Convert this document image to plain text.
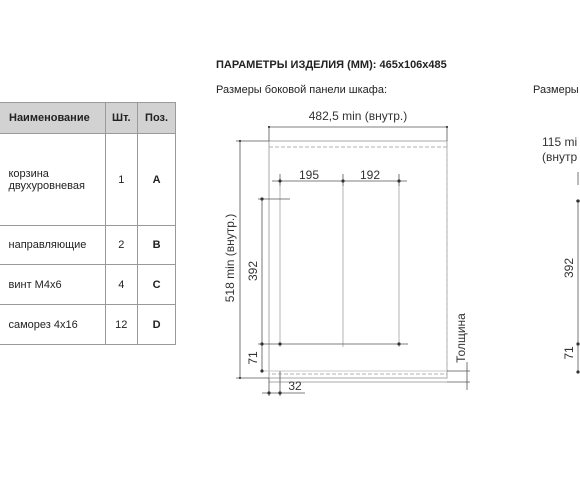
Наименование	Шт.	Поз.
корзина двухуровневая	1	A
направляющие	2	B
винт М4х6	4	C
саморез 4х16	12	D
ПАРАМЕТРЫ ИЗДЕЛИЯ (ММ): 465х106х485
Размеры боковой панели шкафа:	Размеры
482,5 min (внутр.)
518 min (внутр.)
195	192
392
71
32
Толщина
115 mi
(внутр
392
71
